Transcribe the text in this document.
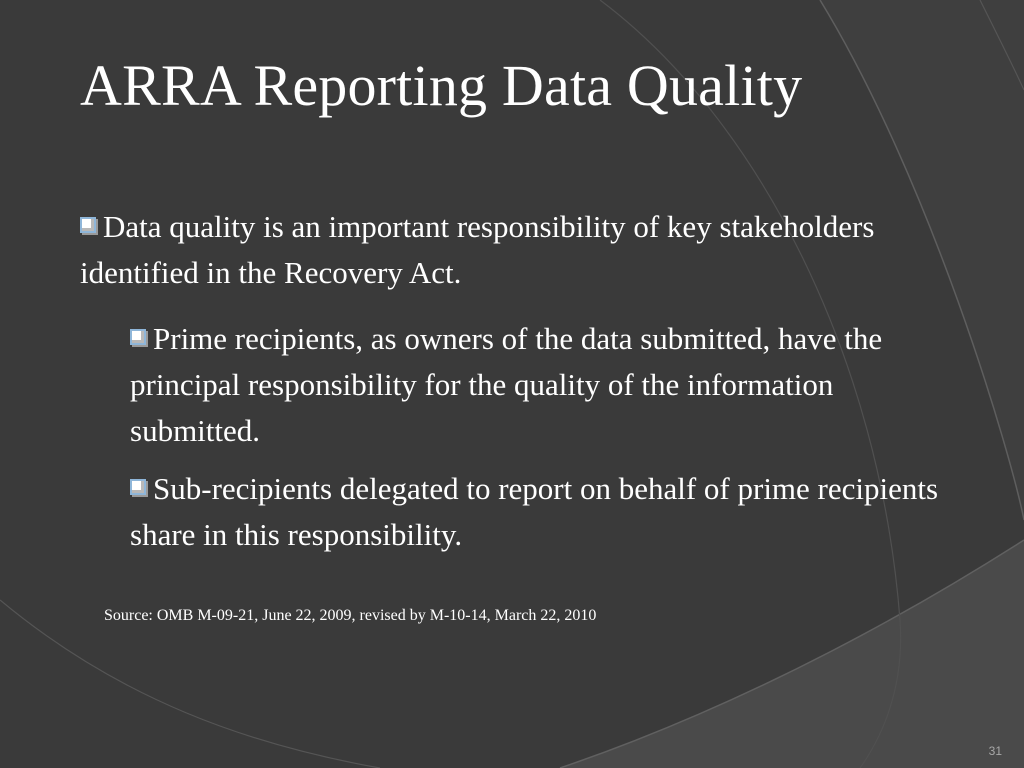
ARRA Reporting Data Quality

Data quality is an important responsibility of key stakeholders identified in the Recovery Act.

Prime recipients, as owners of the data submitted, have the principal responsibility for the quality of the information submitted.

Sub-recipients delegated to report on behalf of prime recipients share in this responsibility.

Source: OMB M-09-21, June 22, 2009, revised by M-10-14, March 22, 2010
31
